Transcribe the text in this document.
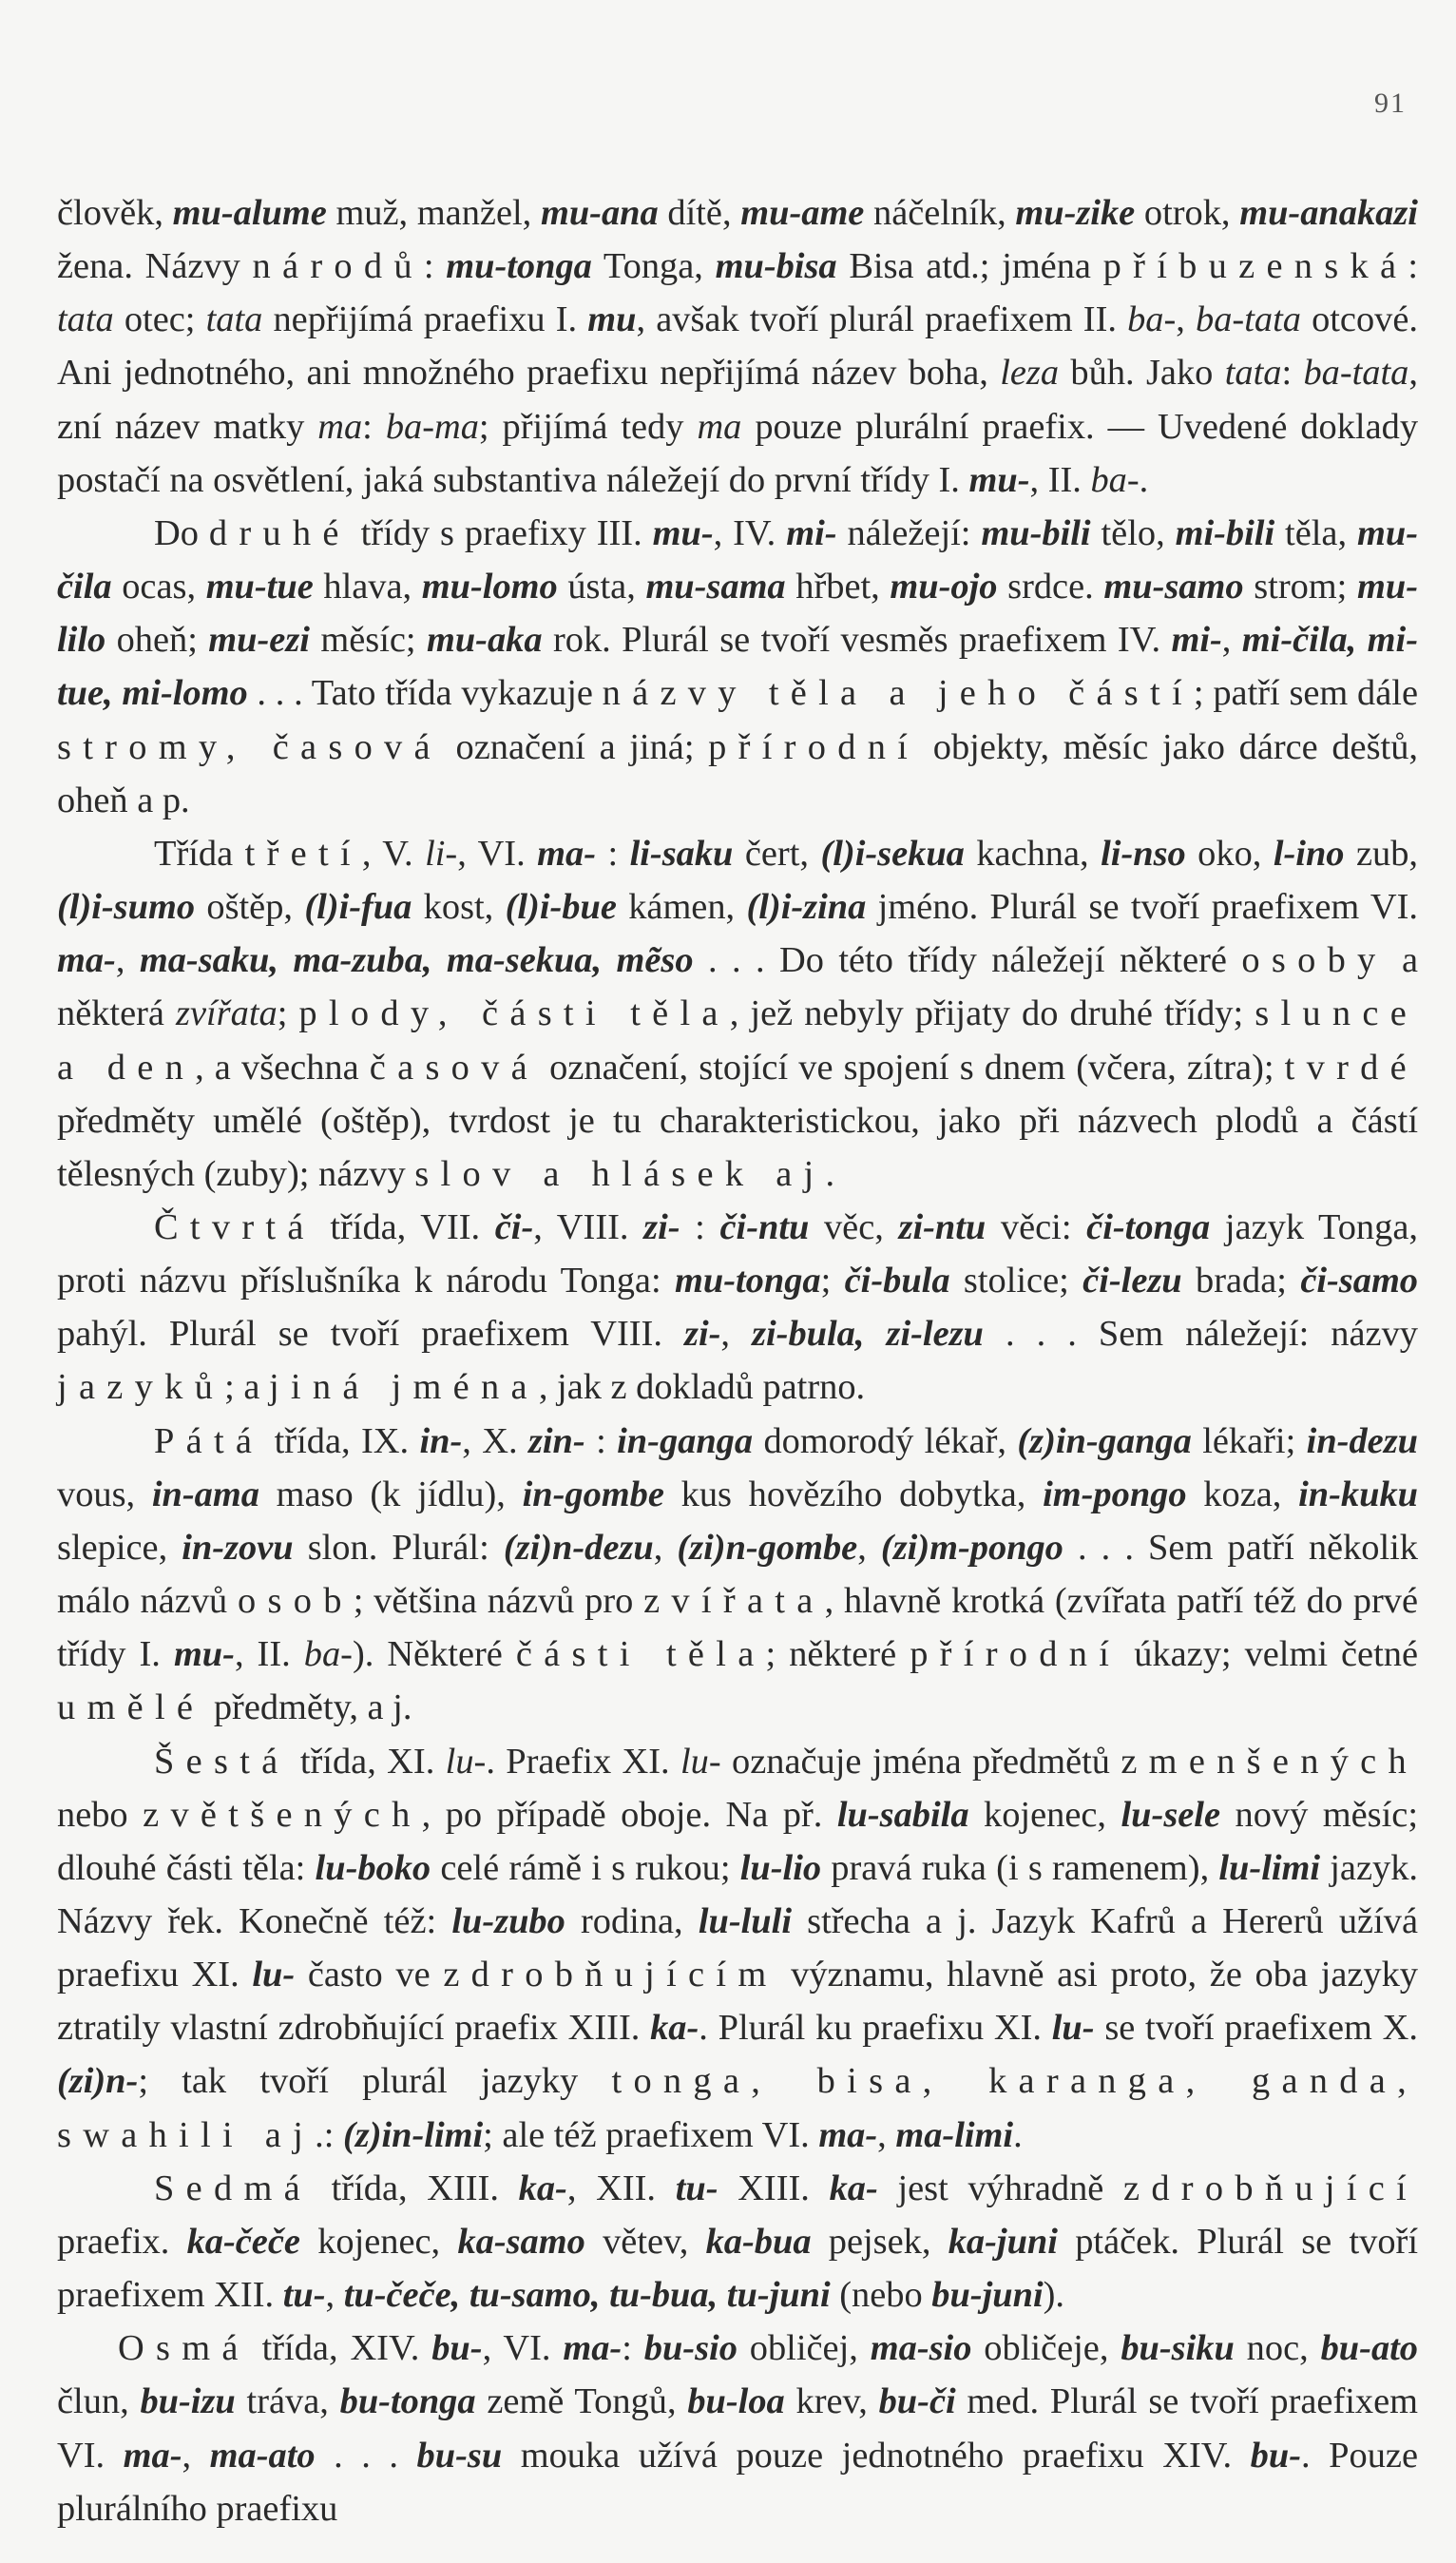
91

člověk, mu-alume muž, manžel, mu-ana dítě, mu-ame náčelník, mu-zike otrok, mu-anakazi žena. Názvy národů: mu-tonga Tonga, mu-bisa Bisa atd.; jména příbuzenská: tata otec; tata nepřijímá praefixu I. mu, avšak tvoří plurál praefixem II. ba-, ba-tata otcové. Ani jednotného, ani množného praefixu nepřijímá název boha, leza bůh. Jako tata: ba-tata, zní název matky ma: ba-ma; přijímá tedy ma pouze plurální praefix. — Uvedené doklady postačí na osvětlení, jaká substantiva náležejí do první třídy I. mu-, II. ba-.

Do druhé třídy s praefixy III. mu-, IV. mi- náležejí: mu-bili tělo, mi-bili těla, mu-čila ocas, mu-tue hlava, mu-lomo ústa, mu-sama hřbet, mu-ojo srdce. mu-samo strom; mu-lilo oheň; mu-ezi měsíc; mu-aka rok. Plurál se tvoří vesměs praefixem IV. mi-, mi-čila, mi-tue, mi-lomo . . . Tato třída vykazuje názvy těla a jeho částí; patří sem dále stromy, časová označení a jiná; přírodní objekty, měsíc jako dárce deštů, oheň a p.

Třída třetí, V. li-, VI. ma- : li-saku čert, (l)i-sekua kachna, li-nso oko, l-ino zub, (l)i-sumo oštěp, (l)i-fua kost, (l)i-bue kámen, (l)i-zina jméno. Plurál se tvoří praefixem VI. ma-, ma-saku, ma-zuba, ma-sekua, mẽso . . . Do této třídy náležejí některé osoby a některá zvířata; plody, části těla, jež nebyly přijaty do druhé třídy; slunce a den, a všechna časová označení, stojící ve spojení s dnem (včera, zítra); tvrdé předměty umělé (oštěp), tvrdost je tu charakteristickou, jako při názvech plodů a částí tělesných (zuby); názvy slov a hlásek aj.

Čtvrtá třída, VII. či-, VIII. zi- : či-ntu věc, zi-ntu věci: či-tonga jazyk Tonga, proti názvu příslušníka k národu Tonga: mu-tonga; či-bula stolice; či-lezu brada; či-samo pahýl. Plurál se tvoří praefixem VIII. zi-, zi-bula, zi-lezu . . . Sem náležejí: názvy jazyků; a jiná jména, jak z dokladů patrno.

Pátá třída, IX. in-, X. zin- : in-ganga domorodý lékař, (z)in-ganga lékaři; in-dezu vous, in-ama maso (k jídlu), in-gombe kus hovězího dobytka, im-pongo koza, in-kuku slepice, in-zovu slon. Plurál: (zi)n-dezu, (zi)n-gombe, (zi)m-pongo . . . Sem patří několik málo názvů osob; většina názvů pro zvířata, hlavně krotká (zvířata patří též do prvé třídy I. mu-, II. ba-). Některé části těla; některé přírodní úkazy; velmi četné umělé předměty, a j.

Šestá třída, XI. lu-. Praefix XI. lu- označuje jména předmětů zmenšených nebo zvětšených, po případě oboje. Na př. lu-sabila kojenec, lu-sele nový měsíc; dlouhé části těla: lu-boko celé rámě i s rukou; lu-lio pravá ruka (i s ramenem), lu-limi jazyk. Názvy řek. Konečně též: lu-zubo rodina, lu-luli střecha a j. Jazyk Kafrů a Hererů užívá praefixu XI. lu- často ve zdrobňujícím významu, hlavně asi proto, že oba jazyky ztratily vlastní zdrobňující praefix XIII. ka-. Plurál ku praefixu XI. lu- se tvoří praefixem X. (zi)n-; tak tvoří plurál jazyky tonga, bisa, karanga, ganda, swahili aj.: (z)in-limi; ale též praefixem VI. ma-, ma-limi.

Sedmá třída, XIII. ka-, XII. tu- XIII. ka- jest výhradně zdrobňující praefix. ka-čeče kojenec, ka-samo větev, ka-bua pejsek, ka-juni ptáček. Plurál se tvoří praefixem XII. tu-, tu-čeče, tu-samo, tu-bua, tu-juni (nebo bu-juni).

Osmá třída, XIV. bu-, VI. ma-: bu-sio obličej, ma-sio obličeje, bu-siku noc, bu-ato člun, bu-izu tráva, bu-tonga země Tongů, bu-loa krev, bu-či med. Plurál se tvoří praefixem VI. ma-, ma-ato . . . bu-su mouka užívá pouze jednotného praefixu XIV. bu-. Pouze plurálního praefixu
